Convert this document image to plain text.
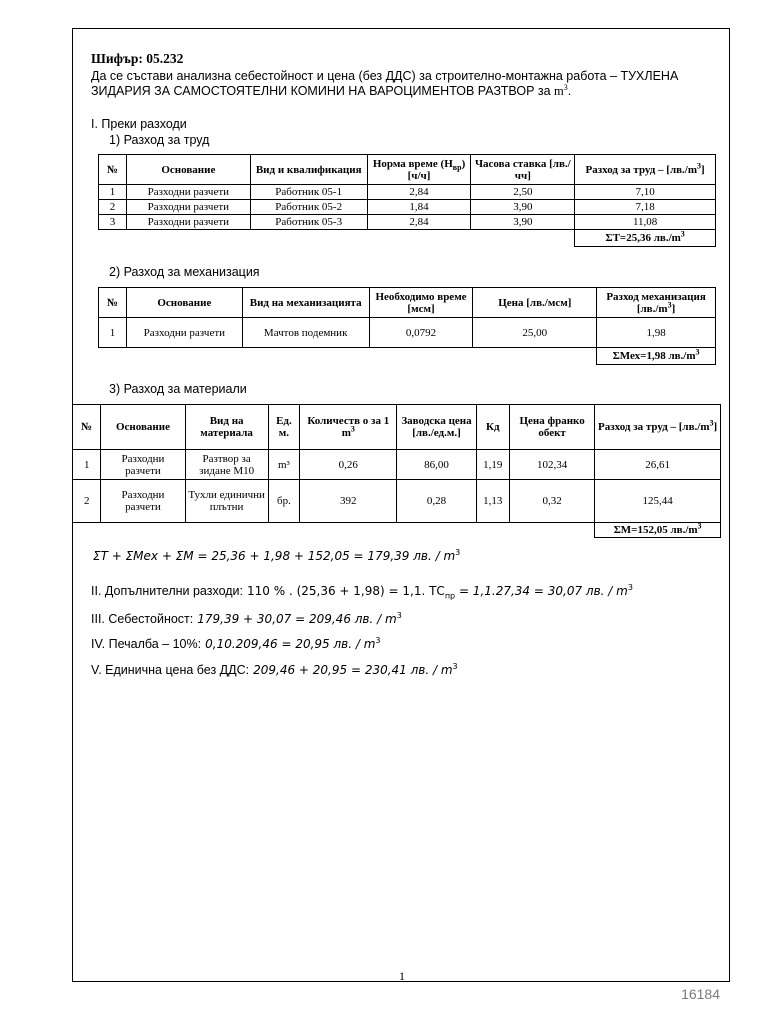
Шифър: 05.232
Да се състави анализна себестойност и цена (без ДДС) за строително-монтажна работа – ТУХЛЕНА ЗИДАРИЯ ЗА САМОСТОЯТЕЛНИ КОМИНИ НА ВАРОЦИМЕНТОВ РАЗТВОР за $m^3$.
I. Преки разходи
1) Разход за труд
№	Основание	Вид и квалификация	Норма време $(Н_{вр})$ [ч/ч]	Часова ставка [лв./чч]	Разход за труд – $[лв./m^3]$
1	Разходни разчети	Работник 05-1	2,84	2,50	7,10
2	Разходни разчети	Работник 05-2	1,84	3,90	7,18
3	Разходни разчети	Работник 05-3	2,84	3,90	11,08
					ΣТ=25,36 $лв./m^3$
2) Разход за механизация
№	Основание	Вид на механизацията	Необходимо време [мсм]	Цена [лв./мсм]	Разход механизация $[лв./m^3]$
1	Разходни разчети	Мачтов подемник	0,0792	25,00	1,98
					ΣМех=1,98 $лв./m^3$
3) Разход за материали
№	Основание	Вид на материала	Ед. м.	Количеств о за 1 $m^3$	Заводска цена [лв./ед.м.]	Кд	Цена франко обект	Разход за труд – $[лв./m^3]$
1	Разходни разчети	Разтвор за зидане М10	m³	0,26	86,00	1,19	102,34	26,61
2	Разходни разчети	Тухли единични плътни	бр.	392	0,28	1,13	0,32	125,44
								ΣМ=152,05 $лв./m^3$
ΣТ + ΣМех + ΣМ = 25,36 + 1,98 + 152,05 = 179,39 лв. / $m^3$
II. Допълнителни разходи: 110 % . (25,36 + 1,98) = 1,1. $ТС_{пр} = 1,1.27,34 = 30,07$ лв. / $m^3$
III. Себестойност: 179,39 + 30,07 = 209,46 лв. / $m^3$
IV. Печалба – 10%: 0,10.209,46 = 20,95 лв. / $m^3$
V. Единична цена без ДДС: 209,46 + 20,95 = 230,41 лв. / $m^3$
1
16184
